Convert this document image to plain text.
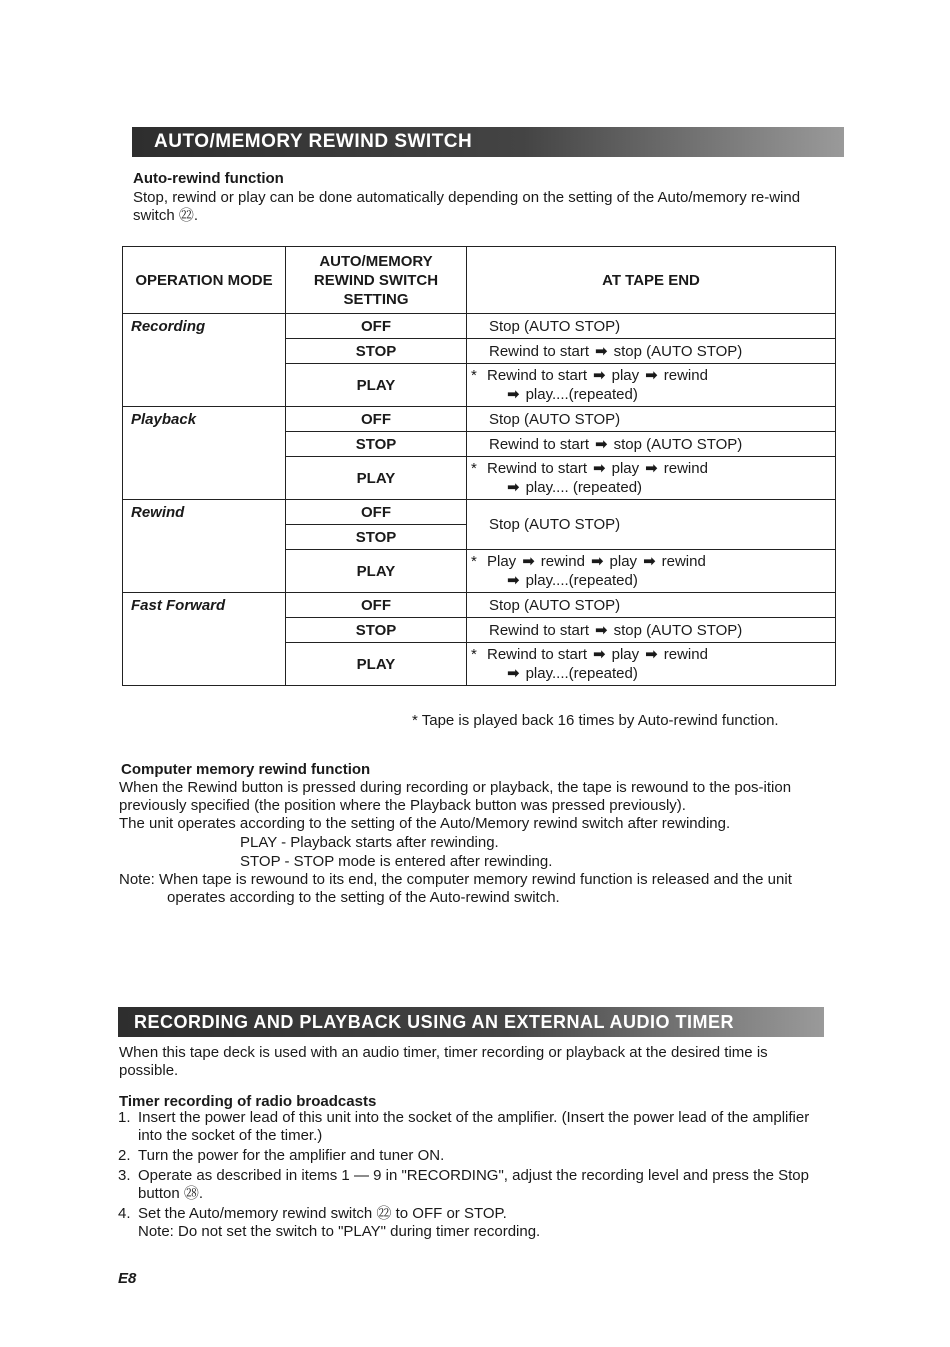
AUTO/MEMORY REWIND SWITCH
Auto-rewind function
Stop, rewind or play can be done automatically depending on the setting of the Auto/memory re-wind switch ㉒.
OPERATION MODE	AUTO/MEMORY REWIND SWITCH SETTING	AT TAPE END
Recording	OFF	Stop (AUTO STOP)
	STOP	Rewind to start ➡ stop (AUTO STOP)
	PLAY	* Rewind to start ➡ play ➡ rewind
➡ play....(repeated)

Playback	OFF	Stop (AUTO STOP)
	STOP	Rewind to start ➡ stop (AUTO STOP)
	PLAY	* Rewind to start ➡ play ➡ rewind
➡ play.... (repeated)

Rewind	OFF	Stop (AUTO STOP)
	STOP	
	PLAY	* Play ➡ rewind ➡ play ➡ rewind
➡ play....(repeated)

Fast Forward	OFF	Stop (AUTO STOP)
	STOP	Rewind to start ➡ stop (AUTO STOP)
	PLAY	* Rewind to start ➡ play ➡ rewind
➡ play....(repeated)
* Tape is played back 16 times by Auto-rewind function.
Computer memory rewind function
When the Rewind button is pressed during recording or playback, the tape is rewound to the pos-ition previously specified (the position where the Playback button was pressed previously).
The unit operates according to the setting of the Auto/Memory rewind switch after rewinding.
PLAY - Playback starts after rewinding.
STOP - STOP mode is entered after rewinding.
Note: When tape is rewound to its end, the computer memory rewind function is released and the unit operates according to the setting of the Auto-rewind switch.
RECORDING AND PLAYBACK USING AN EXTERNAL AUDIO TIMER
When this tape deck is used with an audio timer, timer recording or playback at the desired time is possible.
Timer recording of radio broadcasts
1. Insert the power lead of this unit into the socket of the amplifier. (Insert the power lead of the amplifier into the socket of the timer.)
2. Turn the power for the amplifier and tuner ON.
3. Operate as described in items 1 — 9 in "RECORDING", adjust the recording level and press the Stop button ㉘.
4. Set the Auto/memory rewind switch ㉒ to OFF or STOP.
Note: Do not set the switch to "PLAY" during timer recording.
E8
